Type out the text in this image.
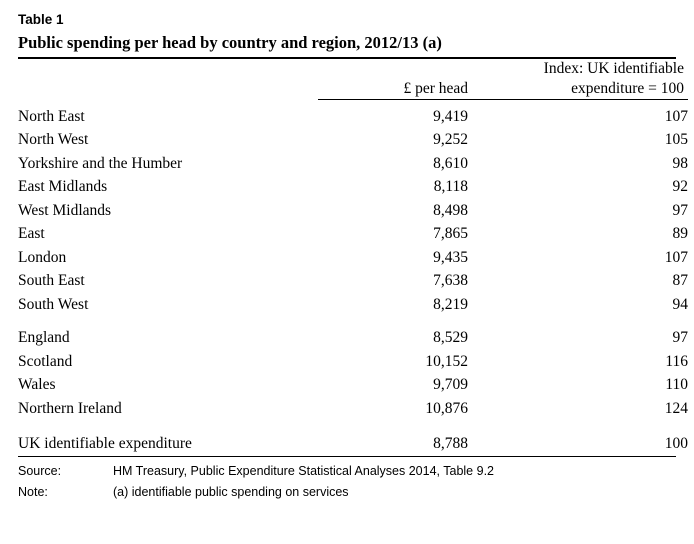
Table 1
Public spending per head by country and region, 2012/13 (a)

		Index: UK identifiable

	£ per head	expenditure = 100

North East	9,419	107
North West	9,252	105
Yorkshire and the Humber	8,610	98
East Midlands	8,118	92
West Midlands	8,498	97
East	7,865	89
London	9,435	107
South East	7,638	87
South West	8,219	94

England	8,529	97
Scotland	10,152	116
Wales	9,709	110
Northern Ireland	10,876	124

UK identifiable expenditure	8,788	100
Source:	HM Treasury, Public Expenditure Statistical Analyses 2014, Table 9.2
Note:	(a) identifiable public spending on services
